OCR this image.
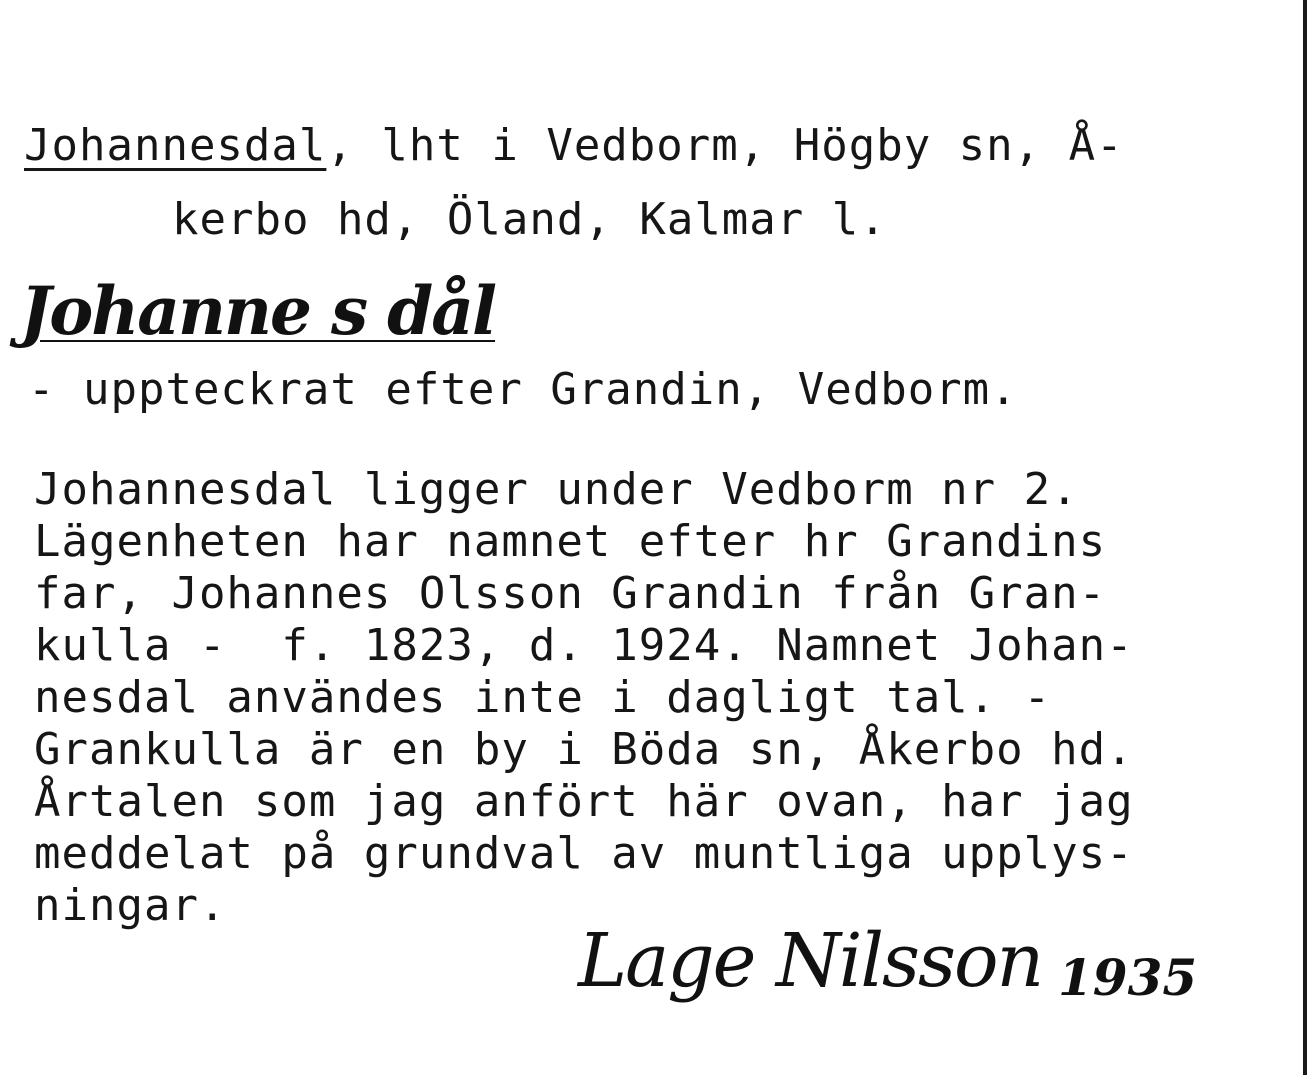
Johannesdal, lht i Vedborm, Högby sn, Å-
kerbo hd, Öland, Kalmar l.
Johanne s dål
- uppteckrat efter Grandin, Vedborm.
Johannesdal ligger under Vedborm nr 2.
Lägenheten har namnet efter hr Grandins
far, Johannes Olsson Grandin från Gran-
kulla -  f. 1823, d. 1924. Namnet Johan-
nesdal användes inte i dagligt tal. -
Grankulla är en by i Böda sn, Åkerbo hd.
Årtalen som jag anfört här ovan, har jag
meddelat på grundval av muntliga upplys-
ningar.
Lage Nilsson 1935
